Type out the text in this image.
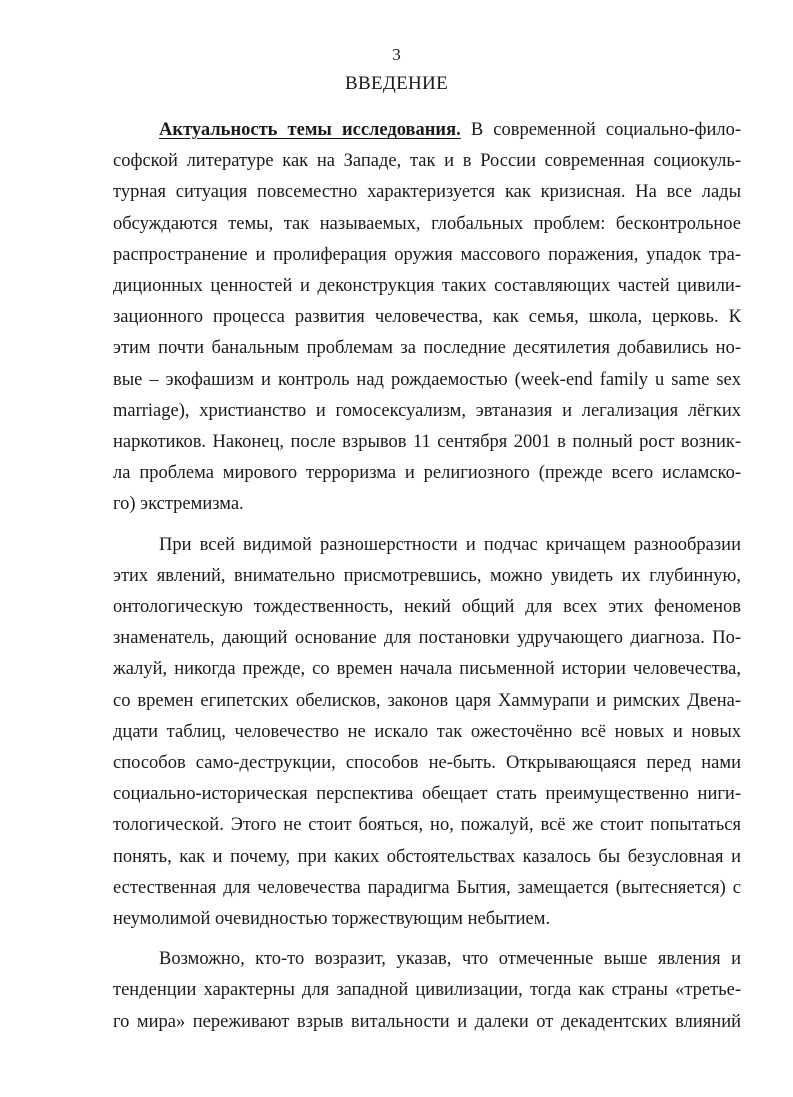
3
ВВЕДЕНИЕ

Актуальность темы исследования. В современной социально-фило-
софской литературе как на Западе, так и в России современная социокуль-
турная ситуация повсеместно характеризуется как кризисная. На все лады
обсуждаются темы, так называемых, глобальных проблем: бесконтрольное
распространение и пролиферация оружия массового поражения, упадок тра-
диционных ценностей и деконструкция таких составляющих частей цивили-
зационного процесса развития человечества, как семья, школа, церковь. К
этим почти банальным проблемам за последние десятилетия добавились но-
вые – экофашизм и контроль над рождаемостью (week-end family u same sex
marriage), христианство и гомосексуализм, эвтаназия и легализация лёгких
наркотиков. Наконец, после взрывов 11 сентября 2001 в полный рост возник-
ла проблема мирового терроризма и религиозного (прежде всего исламско-
го) экстремизма.

При всей видимой разношерстности и подчас кричащем разнообразии
этих явлений, внимательно присмотревшись, можно увидеть их глубинную,
онтологическую тождественность, некий общий для всех этих феноменов
знаменатель, дающий основание для постановки удручающего диагноза. По-
жалуй, никогда прежде, со времен начала письменной истории человечества,
со времен египетских обелисков, законов царя Хаммурапи и римских Двена-
дцати таблиц, человечество не искало так ожесточённо всё новых и новых
способов само-деструкции, способов не-быть. Открывающаяся перед нами
социально-историческая перспектива обещает стать преимущественно ниги-
тологической. Этого не стоит бояться, но, пожалуй, всё же стоит попытаться
понять, как и почему, при каких обстоятельствах казалось бы безусловная и
естественная для человечества парадигма Бытия, замещается (вытесняется) с
неумолимой очевидностью торжествующим небытием.

Возможно, кто-то возразит, указав, что отмеченные выше явления и
тенденции характерны для западной цивилизации, тогда как страны «третье-
го мира» переживают взрыв витальности и далеки от декадентских влияний
